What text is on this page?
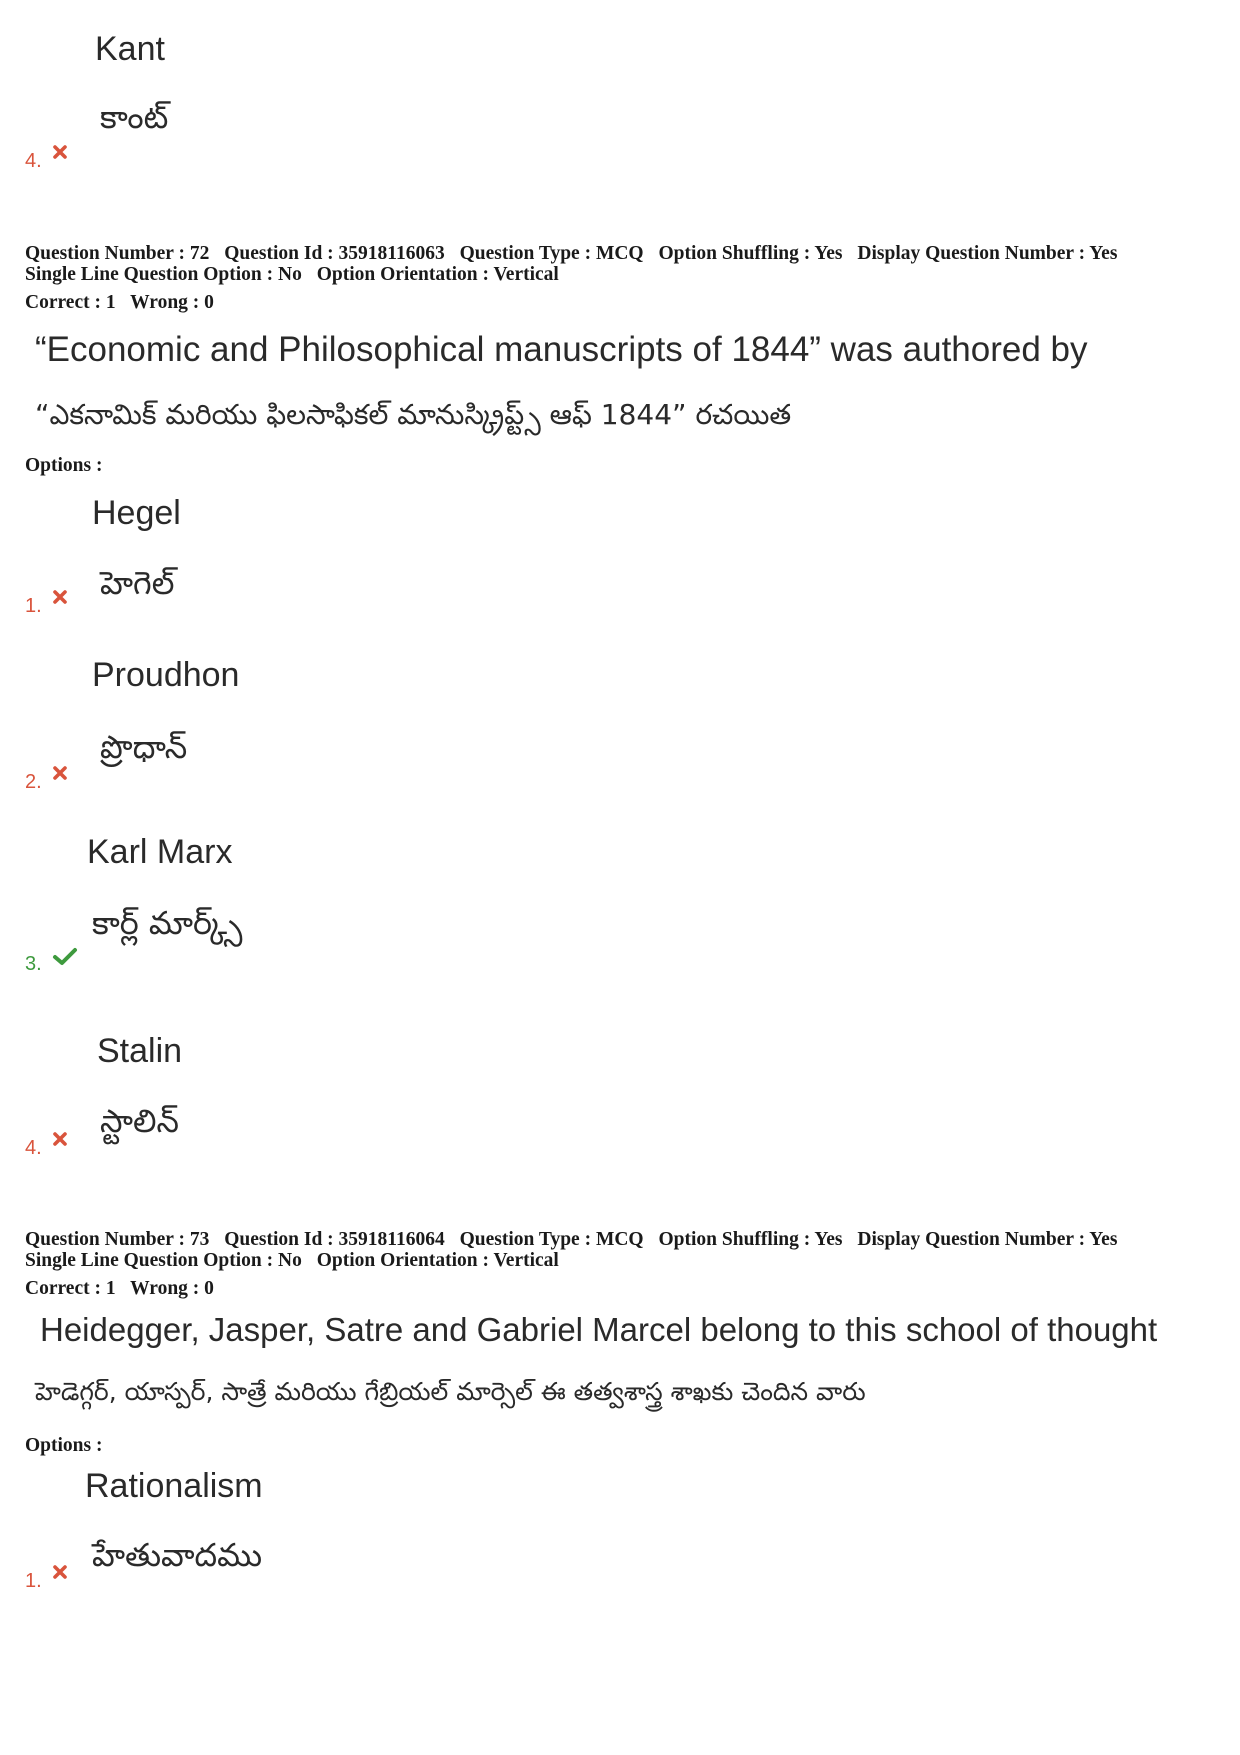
Kant
కాంట్
4.
Question Number : 72 Question Id : 35918116063 Question Type : MCQ Option Shuffling : Yes Display Question Number : Yes
Single Line Question Option : No Option Orientation : Vertical
Correct : 1 Wrong : 0
“Economic and Philosophical manuscripts of 1844” was authored by
“ఎకనామిక్ మరియు ఫిలసాఫికల్ మానుస్క్రిప్ట్స్ ఆఫ్ 1844” రచయిత
Options :
Hegel
హెగెల్
1.
Proudhon
ప్రొధాన్
2.
Karl Marx
కార్ల్ మార్క్స్
3.
Stalin
స్టాలిన్
4.
Question Number : 73 Question Id : 35918116064 Question Type : MCQ Option Shuffling : Yes Display Question Number : Yes
Single Line Question Option : No Option Orientation : Vertical
Correct : 1 Wrong : 0
Heidegger, Jasper, Satre and Gabriel Marcel belong to this school of thought
హెడెగ్గర్, యాస్పర్, సాత్రే మరియు గేబ్రియల్ మార్సెల్ ఈ తత్వశాస్త్ర శాఖకు చెందిన వారు
Options :
Rationalism
హేతువాదము
1.
